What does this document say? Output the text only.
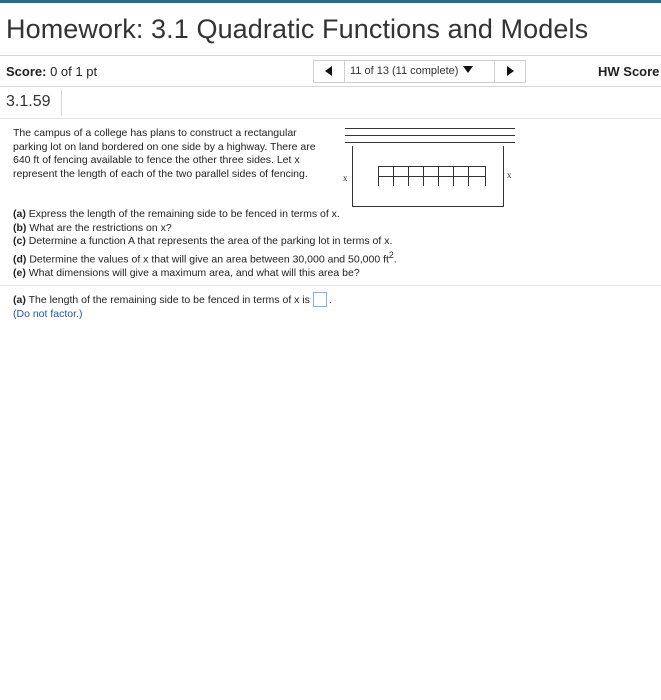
Homework: 3.1 Quadratic Functions and Models
Score: 0 of 1 pt	11 of 13 (11 complete)	HW Score
3.1.59
The campus of a college has plans to construct a rectangular parking lot on land bordered on one side by a highway. There are 640 ft of fencing available to fence the other three sides. Let x represent the length of each of the two parallel sides of fencing.	x	x
(a) Express the length of the remaining side to be fenced in terms of x.
(b) What are the restrictions on x?
(c) Determine a function A that represents the area of the parking lot in terms of x.
(d) Determine the values of x that will give an area between 30,000 and 50,000 $ft^2$.
(e) What dimensions will give a maximum area, and what will this area be?
(a) The length of the remaining side to be fenced in terms of x is .
(Do not factor.)
